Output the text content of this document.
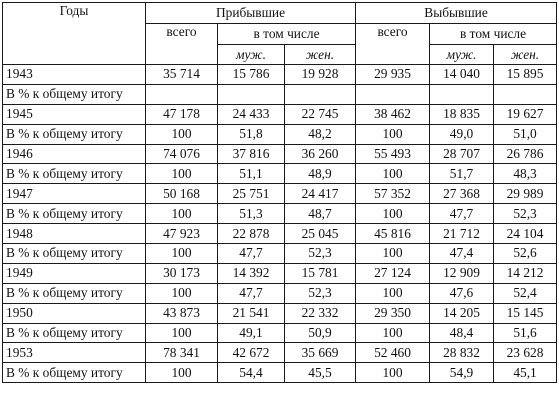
Годы	Прибывшие			Выбывшие		
	всего	в том числе		всего	в том числе	
		муж.	жен.		муж.	жен.
1943	35 714	15 786	19 928	29 935	14 040	15 895
В % к общему итогу						
1945	47 178	24 433	22 745	38 462	18 835	19 627
В % к общему итогу	100	51,8	48,2	100	49,0	51,0
1946	74 076	37 816	36 260	55 493	28 707	26 786
В % к общему итогу	100	51,1	48,9	100	51,7	48,3
1947	50 168	25 751	24 417	57 352	27 368	29 989
В % к общему итогу	100	51,3	48,7	100	47,7	52,3
1948	47 923	22 878	25 045	45 816	21 712	24 104
В % к общему итогу	100	47,7	52,3	100	47,4	52,6
1949	30 173	14 392	15 781	27 124	12 909	14 212
В % к общему итогу	100	47,7	52,3	100	47,6	52,4
1950	43 873	21 541	22 332	29 350	14 205	15 145
В % к общему итогу	100	49,1	50,9	100	48,4	51,6
1953	78 341	42 672	35 669	52 460	28 832	23 628
В % к общему итогу	100	54,4	45,5	100	54,9	45,1
